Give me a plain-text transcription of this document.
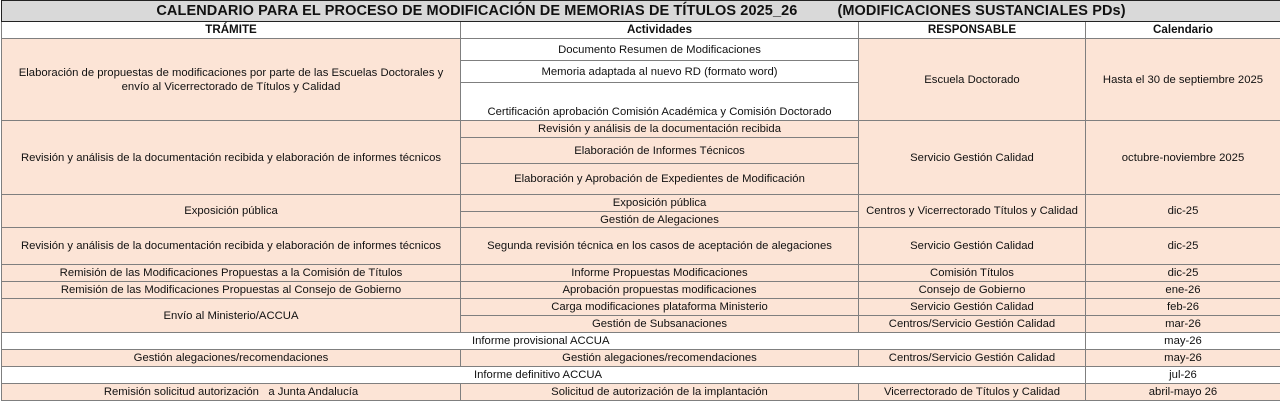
CALENDARIO PARA EL PROCESO DE MODIFICACIÓN DE MEMORIAS DE TÍTULOS 2025_26 (MODIFICACIONES SUSTANCIALES PDs)			
TRÁMITE	Actividades	RESPONSABLE	Calendario
Elaboración de propuestas de modificaciones por parte de las Escuelas Doctorales y envío al Vicerrectorado de Títulos y Calidad	Documento Resumen de Modificaciones	Escuela Doctorado	Hasta el 30 de septiembre 2025
	Memoria adaptada al nuevo RD (formato word)		
	Certificación aprobación Comisión Académica y Comisión Doctorado		
Revisión y análisis de la documentación recibida y elaboración de informes técnicos	Revisión y análisis de la documentación recibida	Servicio Gestión Calidad	octubre-noviembre 2025
	Elaboración de Informes Técnicos		
	Elaboración y Aprobación de Expedientes de Modificación		
Exposición pública	Exposición pública	Centros y Vicerrectorado Títulos y Calidad	dic-25
	Gestión de Alegaciones		
Revisión y análisis de la documentación recibida y elaboración de informes técnicos	Segunda revisión técnica en los casos de aceptación de alegaciones	Servicio Gestión Calidad	dic-25
Remisión de las Modificaciones Propuestas a la Comisión de Títulos	Informe Propuestas Modificaciones	Comisión Títulos	dic-25
Remisión de las Modificaciones Propuestas al Consejo de Gobierno	Aprobación propuestas modificaciones	Consejo de Gobierno	ene-26
Envío al Ministerio/ACCUA	Carga modificaciones plataforma Ministerio	Servicio Gestión Calidad	feb-26
	Gestión de Subsanaciones	Centros/Servicio Gestión Calidad	mar-26
Informe provisional ACCUA			may-26
Gestión alegaciones/recomendaciones	Gestión alegaciones/recomendaciones	Centros/Servicio Gestión Calidad	may-26
Informe definitivo ACCUA			jul-26
Remisión solicitud autorización   a Junta Andalucía	Solicitud de autorización de la implantación	Vicerrectorado de Títulos y Calidad	abril-mayo 26
